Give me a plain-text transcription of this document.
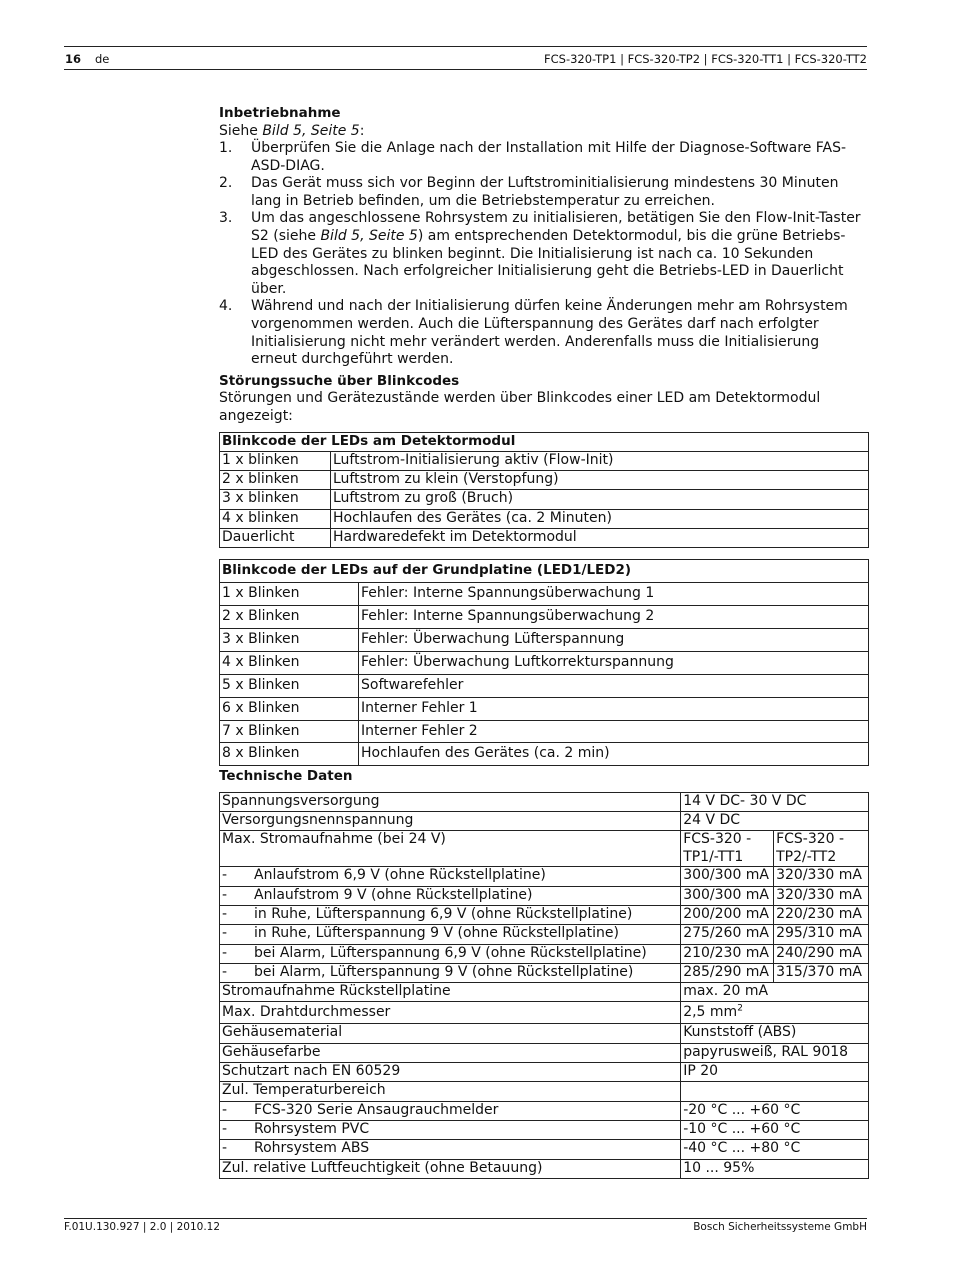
16 de	FCS-320-TP1 | FCS-320-TP2 | FCS-320-TT1 | FCS-320-TT2
Inbetriebnahme

Siehe Bild 5, Seite 5:

1. Überprüfen Sie die Anlage nach der Installation mit Hilfe der Diagnose-Software FAS-ASD-DIAG.
2. Das Gerät muss sich vor Beginn der Luftstrominitialisierung mindestens 30 Minuten lang in Betrieb befinden, um die Betriebstemperatur zu erreichen.
3. Um das angeschlossene Rohrsystem zu initialisieren, betätigen Sie den Flow-Init-Taster S2 (siehe Bild 5, Seite 5) am entsprechenden Detektormodul, bis die grüne Betriebs-LED des Gerätes zu blinken beginnt. Die Initialisierung ist nach ca. 10 Sekunden abgeschlossen. Nach erfolgreicher Initialisierung geht die Betriebs-LED in Dauerlicht über.
4. Während und nach der Initialisierung dürfen keine Änderungen mehr am Rohrsystem vorgenommen werden. Auch die Lüfterspannung des Gerätes darf nach erfolgter Initialisierung nicht mehr verändert werden. Anderenfalls muss die Initialisierung erneut durchgeführt werden.
Störungssuche über Blinkcodes

Störungen und Gerätezustände werden über Blinkcodes einer LED am Detektormodul angezeigt:

Blinkcode der LEDs am Detektormodul	
1 x blinken	Luftstrom-Initialisierung aktiv (Flow-Init)
2 x blinken	Luftstrom zu klein (Verstopfung)
3 x blinken	Luftstrom zu groß (Bruch)
4 x blinken	Hochlaufen des Gerätes (ca. 2 Minuten)
Dauerlicht	Hardwaredefekt im Detektormodul
Blinkcode der LEDs auf der Grundplatine (LED1/LED2)	
1 x Blinken	Fehler: Interne Spannungsüberwachung 1
2 x Blinken	Fehler: Interne Spannungsüberwachung 2
3 x Blinken	Fehler: Überwachung Lüfterspannung
4 x Blinken	Fehler: Überwachung Luftkorrekturspannung
5 x Blinken	Softwarefehler
6 x Blinken	Interner Fehler 1
7 x Blinken	Interner Fehler 2
8 x Blinken	Hochlaufen des Gerätes (ca. 2 min)
Technische Daten
Spannungsversorgung	14 V DC- 30 V DC	
Versorgungsnennspannung	24 V DC	
Max. Stromaufnahme (bei 24 V)	FCS-320 -TP1/-TT1	FCS-320 -TP2/-TT2

- Anlaufstrom 6,9 V (ohne Rückstellplatine)	300/300 mA	320/330 mA

- Anlaufstrom 9 V (ohne Rückstellplatine)	300/300 mA	320/330 mA

- in Ruhe, Lüfterspannung 6,9 V (ohne Rückstellplatine)	200/200 mA	220/230 mA

- in Ruhe, Lüfterspannung 9 V (ohne Rückstellplatine)	275/260 mA	295/310 mA

- bei Alarm, Lüfterspannung 6,9 V (ohne Rückstellplatine)	210/230 mA	240/290 mA

- bei Alarm, Lüfterspannung 9 V (ohne Rückstellplatine)	285/290 mA	315/370 mA
Stromaufnahme Rückstellplatine	max. 20 mA	
Max. Drahtdurchmesser	2,5 $mm^2$
Gehäusematerial	Kunststoff (ABS)	
Gehäusefarbe	papyrusweiß, RAL 9018	
Schutzart nach EN 60529	IP 20	
Zul. Temperaturbereich		

- FCS-320 Serie Ansaugrauchmelder	-20 °C ... +60 °C	

- Rohrsystem PVC	-10 °C ... +60 °C	

- Rohrsystem ABS	-40 °C ... +80 °C	
Zul. relative Luftfeuchtigkeit (ohne Betauung)	10 ... 95%	
F.01U.130.927 | 2.0 | 2010.12	Bosch Sicherheitssysteme GmbH
